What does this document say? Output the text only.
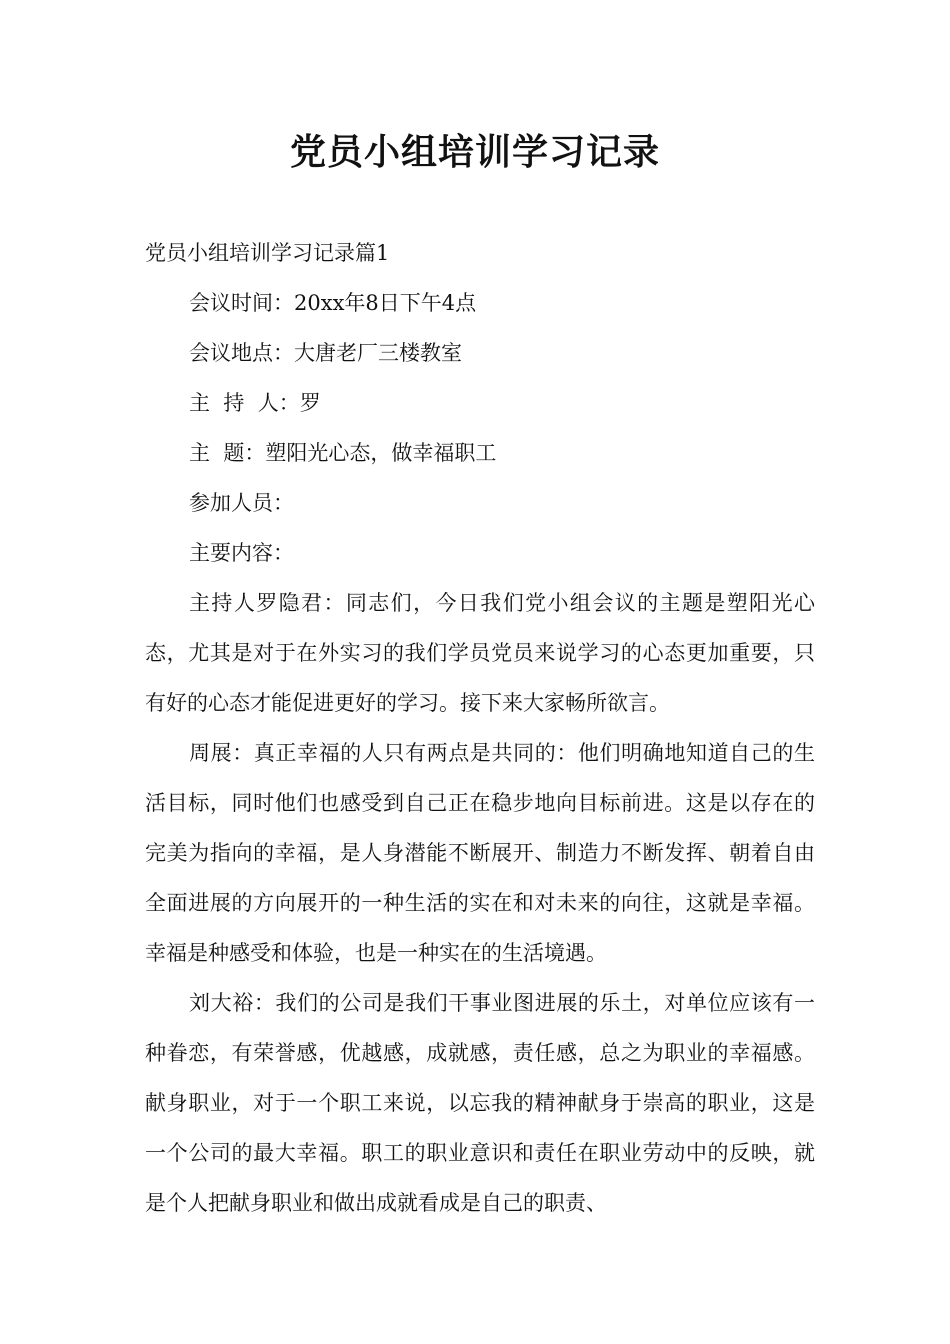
党员小组培训学习记录

党员小组培训学习记录篇1

会议时间：20xx年8日下午4点

会议地点：大唐老厂三楼教室

主  持  人：罗

主  题：塑阳光心态，做幸福职工

参加人员：

主要内容：

主持人罗隐君：同志们，今日我们党小组会议的主题是塑阳光心态，尤其是对于在外实习的我们学员党员来说学习的心态更加重要，只有好的心态才能促进更好的学习。接下来大家畅所欲言。

周展：真正幸福的人只有两点是共同的：他们明确地知道自己的生活目标，同时他们也感受到自己正在稳步地向目标前进。这是以存在的完美为指向的幸福，是人身潜能不断展开、制造力不断发挥、朝着自由全面进展的方向展开的一种生活的实在和对未来的向往，这就是幸福。幸福是种感受和体验，也是一种实在的生活境遇。

刘大裕：我们的公司是我们干事业图进展的乐土，对单位应该有一种眷恋，有荣誉感，优越感，成就感，责任感，总之为职业的幸福感。献身职业，对于一个职工来说，以忘我的精神献身于崇高的职业，这是一个公司的最大幸福。职工的职业意识和责任在职业劳动中的反映，就是个人把献身职业和做出成就看成是自己的职责、
